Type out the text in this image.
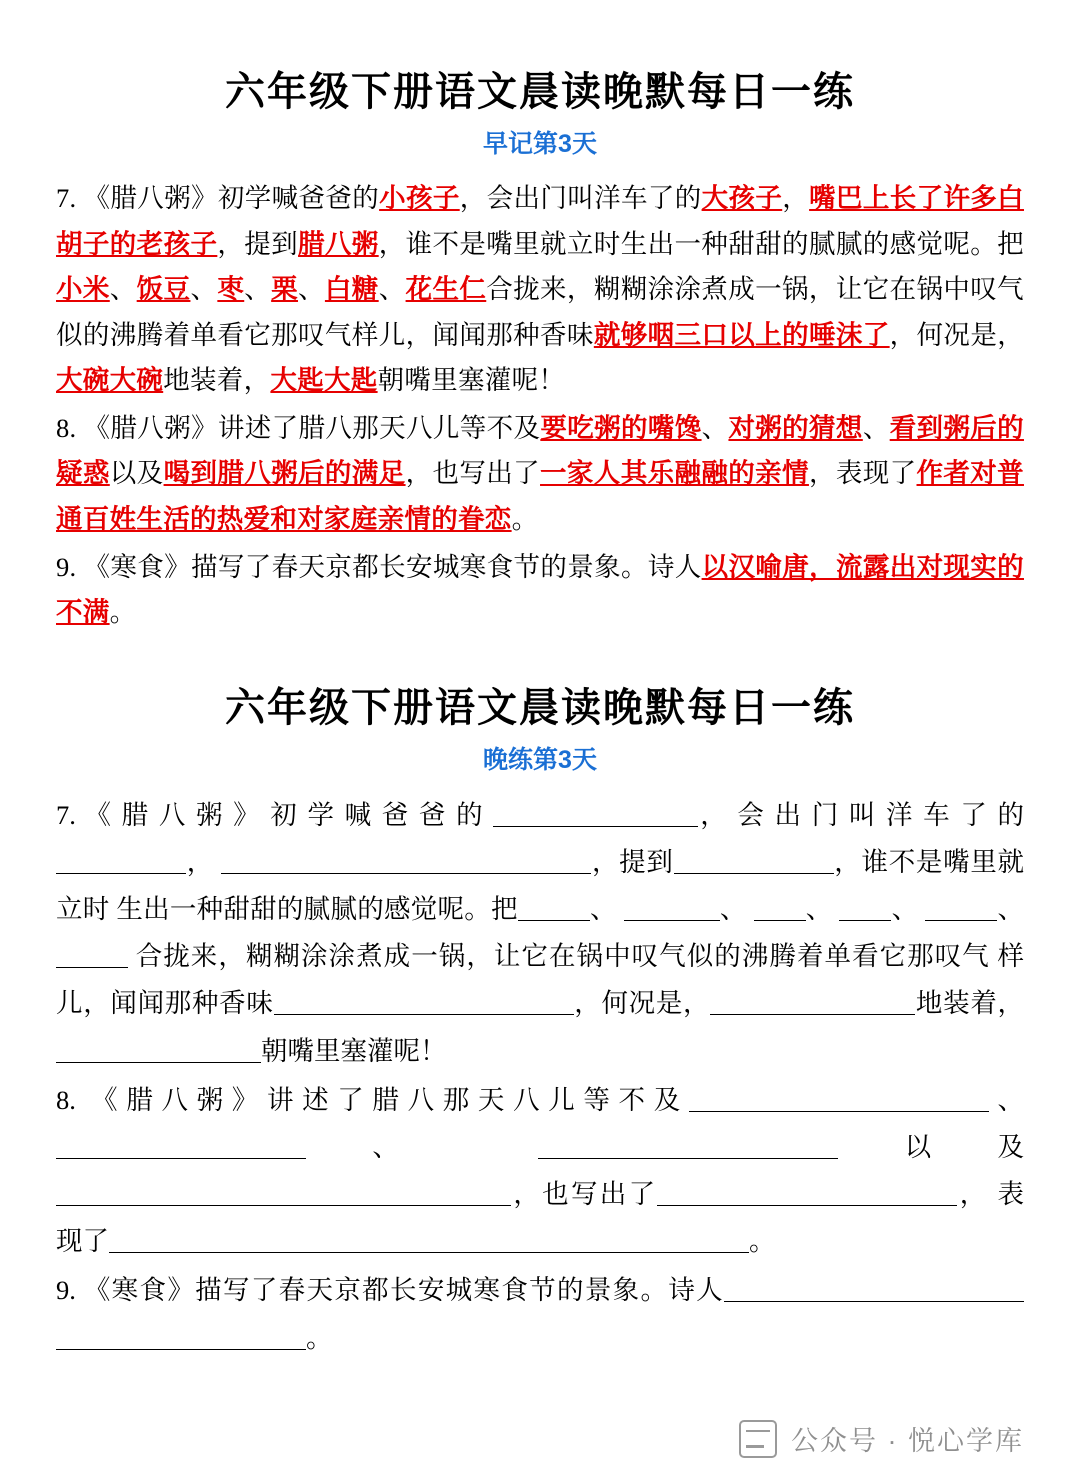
六年级下册语文晨读晚默每日一练
早记第3天

7. 《腊八粥》初学喊爸爸的小孩子，会出门叫洋车了的大孩子，嘴巴上长了许多白胡子的老孩子，提到腊八粥，谁不是嘴里就立时生出一种甜甜的腻腻的感觉呢。把小米、饭豆、枣、栗、白糖、花生仁合拢来，糊糊涂涂煮成一锅，让它在锅中叹气似的沸腾着单看它那叹气样儿，闻闻那种香味就够咽三口以上的唾沫了，何况是，大碗大碗地装着，大匙大匙朝嘴里塞灌呢！

8. 《腊八粥》讲述了腊八那天八儿等不及要吃粥的嘴馋、对粥的猜想、看到粥后的疑惑以及喝到腊八粥后的满足，也写出了一家人其乐融融的亲情，表现了作者对普通百姓生活的热爱和对家庭亲情的眷恋。

9. 《寒食》描写了春天京都长安城寒食节的景象。诗人以汉喻唐，流露出对现实的不满。

六年级下册语文晨读晚默每日一练
晚练第3天

7. 《 腊 八 粥 》 初 学 喊 爸 爸 的	， 会 出 门 叫 洋 车 了 的，	，提到	，谁不是嘴里就立时 生出一种甜甜的腻腻的感觉呢。把	、	、 、 、	、  合拢来，糊糊涂涂煮成一锅，让它在锅中叹气似的沸腾着单看它那叹气 样儿，闻闻那种香味	，何况是，	地装着， 朝嘴里塞灌呢！

8. 《腊八粥》讲述了腊八那天八儿等不及	、、	以及，也写出了	， 表现了	。

9. 《寒食》描写了春天京都长安城寒食节的景象。诗人 。

公众号 · 悦心学库
